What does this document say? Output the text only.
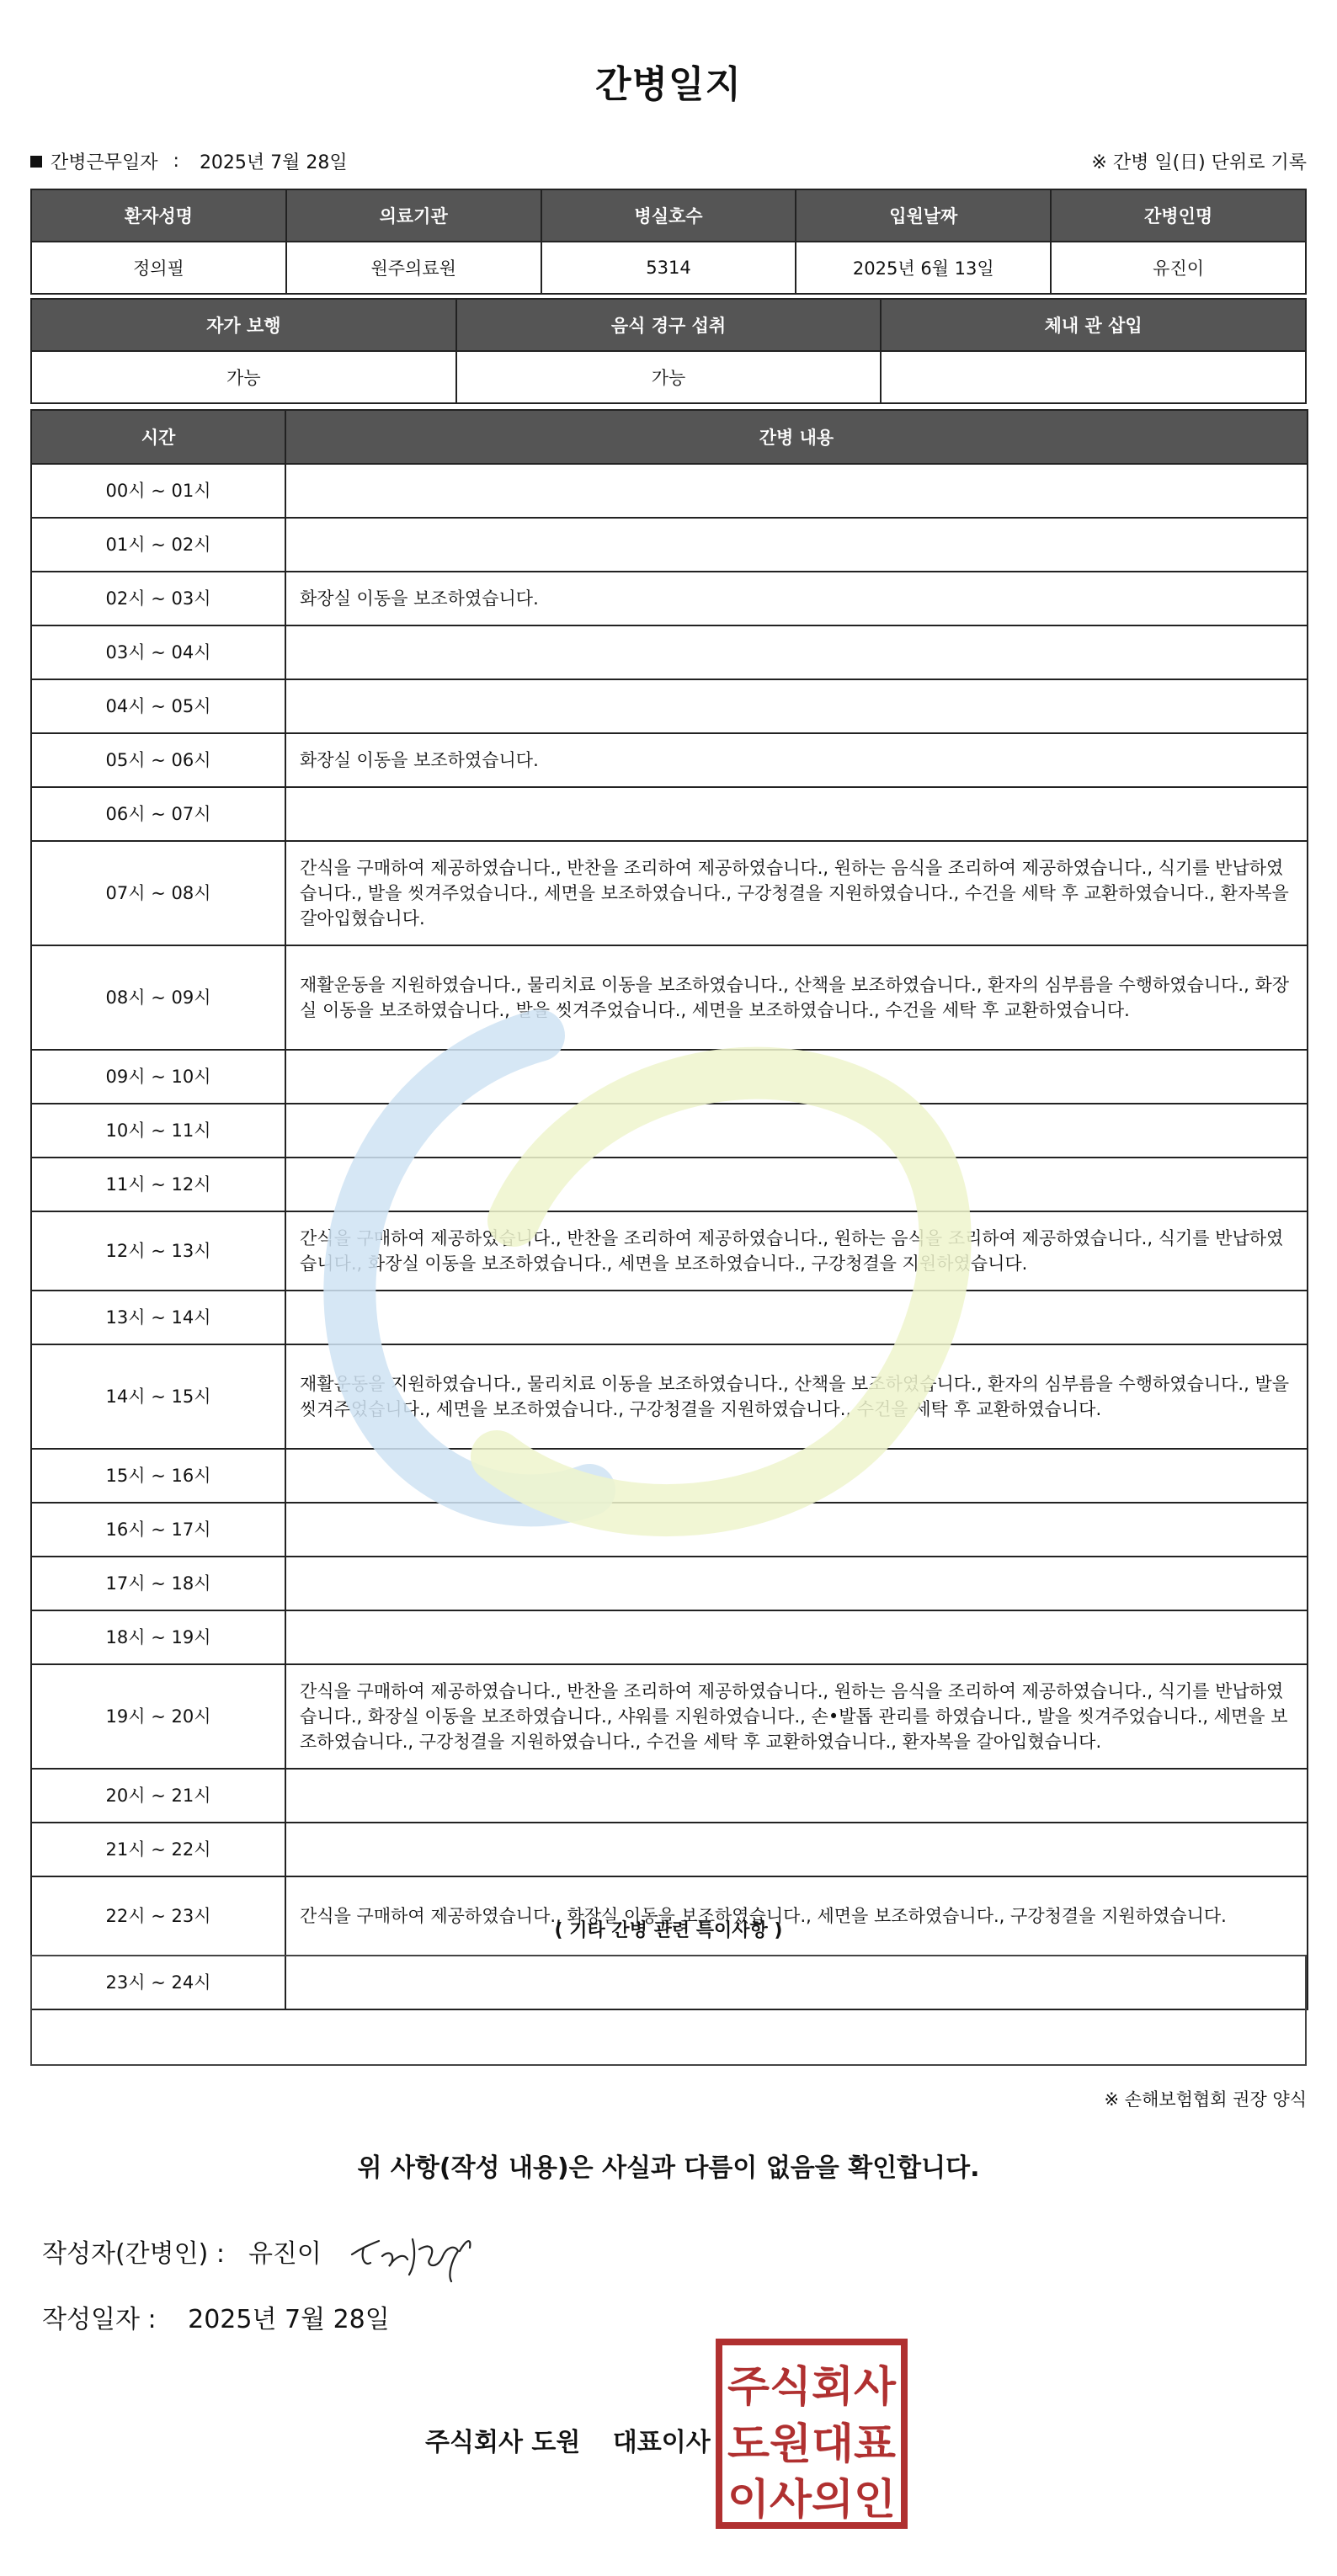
간병일지
간병근무일자 : 2025년 7월 28일	※ 간병 일(日) 단위로 기록
환자성명	의료기관	병실호수	입원날짜	간병인명
정의필	원주의료원	5314	2025년 6월 13일	유진이
자가 보행	음식 경구 섭취	체내 관 삽입
가능	가능	
시간	간병 내용
00시 ~ 01시	
01시 ~ 02시	
02시 ~ 03시	화장실 이동을 보조하였습니다.
03시 ~ 04시	
04시 ~ 05시	
05시 ~ 06시	화장실 이동을 보조하였습니다.
06시 ~ 07시	
07시 ~ 08시	간식을 구매하여 제공하였습니다., 반찬을 조리하여 제공하였습니다., 원하는 음식을 조리하여 제공하였습니다., 식기를 반납하였습니다., 발을 씻겨주었습니다., 세면을 보조하였습니다., 구강청결을 지원하였습니다., 수건을 세탁 후 교환하였습니다., 환자복을 갈아입혔습니다.
08시 ~ 09시	재활운동을 지원하였습니다., 물리치료 이동을 보조하였습니다., 산책을 보조하였습니다., 환자의 심부름을 수행하였습니다., 화장실 이동을 보조하였습니다., 발을 씻겨주었습니다., 세면을 보조하였습니다., 수건을 세탁 후 교환하였습니다.
09시 ~ 10시	
10시 ~ 11시	
11시 ~ 12시	
12시 ~ 13시	간식을 구매하여 제공하였습니다., 반찬을 조리하여 제공하였습니다., 원하는 음식을 조리하여 제공하였습니다., 식기를 반납하였습니다., 화장실 이동을 보조하였습니다., 세면을 보조하였습니다., 구강청결을 지원하였습니다.
13시 ~ 14시	
14시 ~ 15시	재활운동을 지원하였습니다., 물리치료 이동을 보조하였습니다., 산책을 보조하였습니다., 환자의 심부름을 수행하였습니다., 발을 씻겨주었습니다., 세면을 보조하였습니다., 구강청결을 지원하였습니다., 수건을 세탁 후 교환하였습니다.
15시 ~ 16시	
16시 ~ 17시	
17시 ~ 18시	
18시 ~ 19시	
19시 ~ 20시	간식을 구매하여 제공하였습니다., 반찬을 조리하여 제공하였습니다., 원하는 음식을 조리하여 제공하였습니다., 식기를 반납하였습니다., 화장실 이동을 보조하였습니다., 샤워를 지원하였습니다., 손•발톱 관리를 하였습니다., 발을 씻겨주었습니다., 세면을 보조하였습니다., 구강청결을 지원하였습니다., 수건을 세탁 후 교환하였습니다., 환자복을 갈아입혔습니다.
20시 ~ 21시	
21시 ~ 22시	
22시 ~ 23시	간식을 구매하여 제공하였습니다., 화장실 이동을 보조하였습니다., 세면을 보조하였습니다., 구강청결을 지원하였습니다.
23시 ~ 24시	
( 기타 간병 관련 특이사항 )
※ 손해보험협회 권장 양식
위 사항(작성 내용)은 사실과 다름이 없음을 확인합니다.
작성자(간병인) : 유진이
작성일자 : 2025년 7월 28일
주식회사 도원 대표이사
주식회사
도원대표
이사의인
